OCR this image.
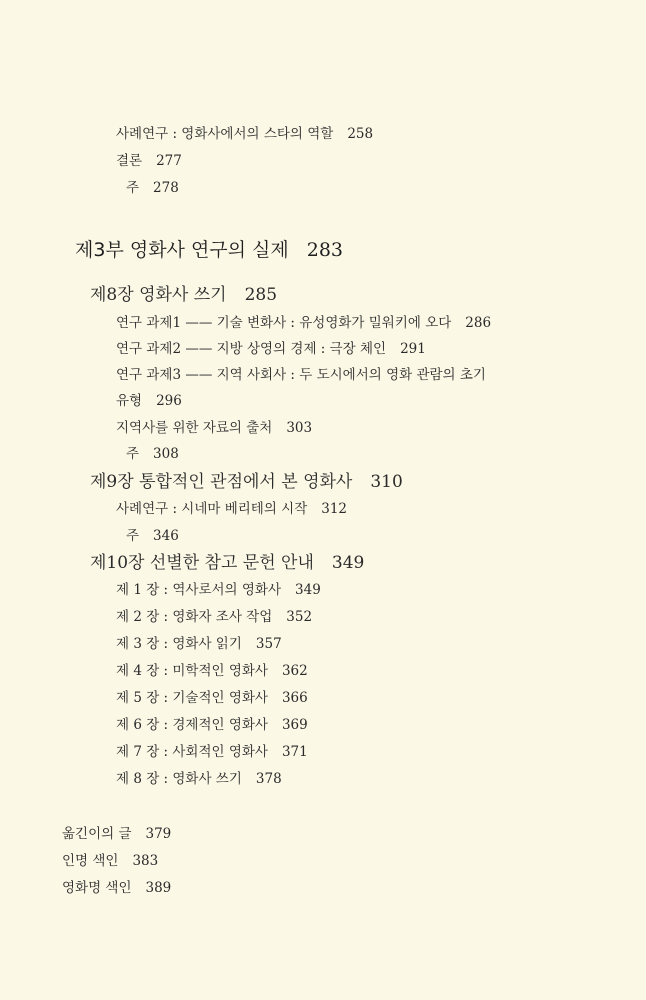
사례연구 : 영화사에서의 스타의 역할 258
결론 277
주 278
제3부 영화사 연구의 실제 283
제8장 영화사 쓰기 285
연구 과제1 —— 기술 변화사 : 유성영화가 밀워키에 오다 286
연구 과제2 —— 지방 상영의 경제 : 극장 체인 291
연구 과제3 —— 지역 사회사 : 두 도시에서의 영화 관람의 초기
유형 296
지역사를 위한 자료의 출처 303
주 308
제9장 통합적인 관점에서 본 영화사 310
사례연구 : 시네마 베리테의 시작 312
주 346
제10장 선별한 참고 문헌 안내 349
제 1 장 : 역사로서의 영화사 349
제 2 장 : 영화자 조사 작업 352
제 3 장 : 영화사 읽기 357
제 4 장 : 미학적인 영화사 362
제 5 장 : 기술적인 영화사 366
제 6 장 : 경제적인 영화사 369
제 7 장 : 사회적인 영화사 371
제 8 장 : 영화사 쓰기 378
옮긴이의 글 379
인명 색인 383
영화명 색인 389
